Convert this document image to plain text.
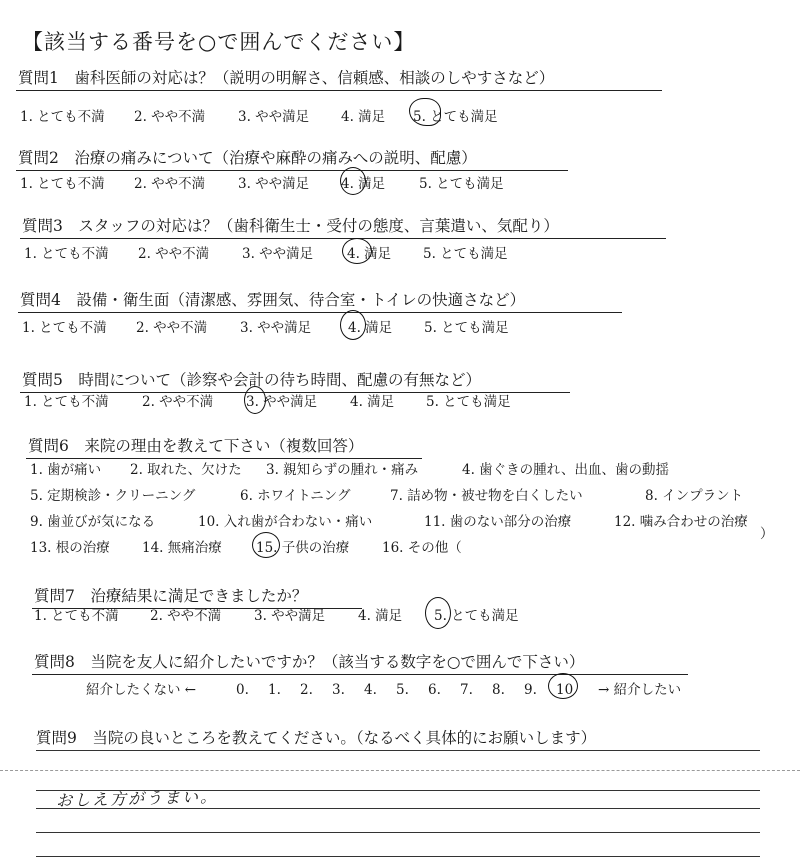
【該当する番号を○で囲んでください】
質問1　歯科医師の対応は？（説明の明解さ、信頼感、相談のしやすさなど）
1. とても不満 2. やや不満 3. やや満足 4. 満足 5. とても満足
質問2　治療の痛みについて（治療や麻酔の痛みへの説明、配慮）
1. とても不満 2. やや不満 3. やや満足 4. 満足	5. とても満足
質問3　スタッフの対応は？（歯科衛生士・受付の態度、言葉遣い、気配り）
1. とても不満 2. やや不満 3. やや満足	4. 満足 5. とても満足
質問4　設備・衛生面（清潔感、雰囲気、待合室・トイレの快適さなど）
1. とても不満 2. やや不満 3. やや満足	4. 満足 5. とても満足
質問5　時間について（診察や会計の待ち時間、配慮の有無など）
1. とても不満 2. やや不満 3. やや満足 4. 満足 5. とても満足
質問6　来院の理由を教えて下さい（複数回答）
1. 歯が痛い 2. 取れた、欠けた 3. 親知らずの腫れ・痛み	4. 歯ぐきの腫れ、出血、歯の動揺
5. 定期検診・クリーニング	6. ホワイトニング	7. 詰め物・被せ物を白くしたい	8. インプラント
9. 歯並びが気になる	10. 入れ歯が合わない・痛い	11. 歯のない部分の治療	12. 噛み合わせの治療
13. 根の治療 14. 無痛治療	15. 子供の治療 16. その他（
）
質問7　治療結果に満足できましたか？
1. とても不満 2. やや不満 3. やや満足 4. 満足 5. とても満足
質問8　当院を友人に紹介したいですか？（該当する数字を○で囲んで下さい）
紹介したくない ←	0. 1. 2. 3. 4. 5. 6. 7. 8. 9. 10 → 紹介したい
質問9　当院の良いところを教えてください。（なるべく具体的にお願いします）
おしえ方がうまい。
